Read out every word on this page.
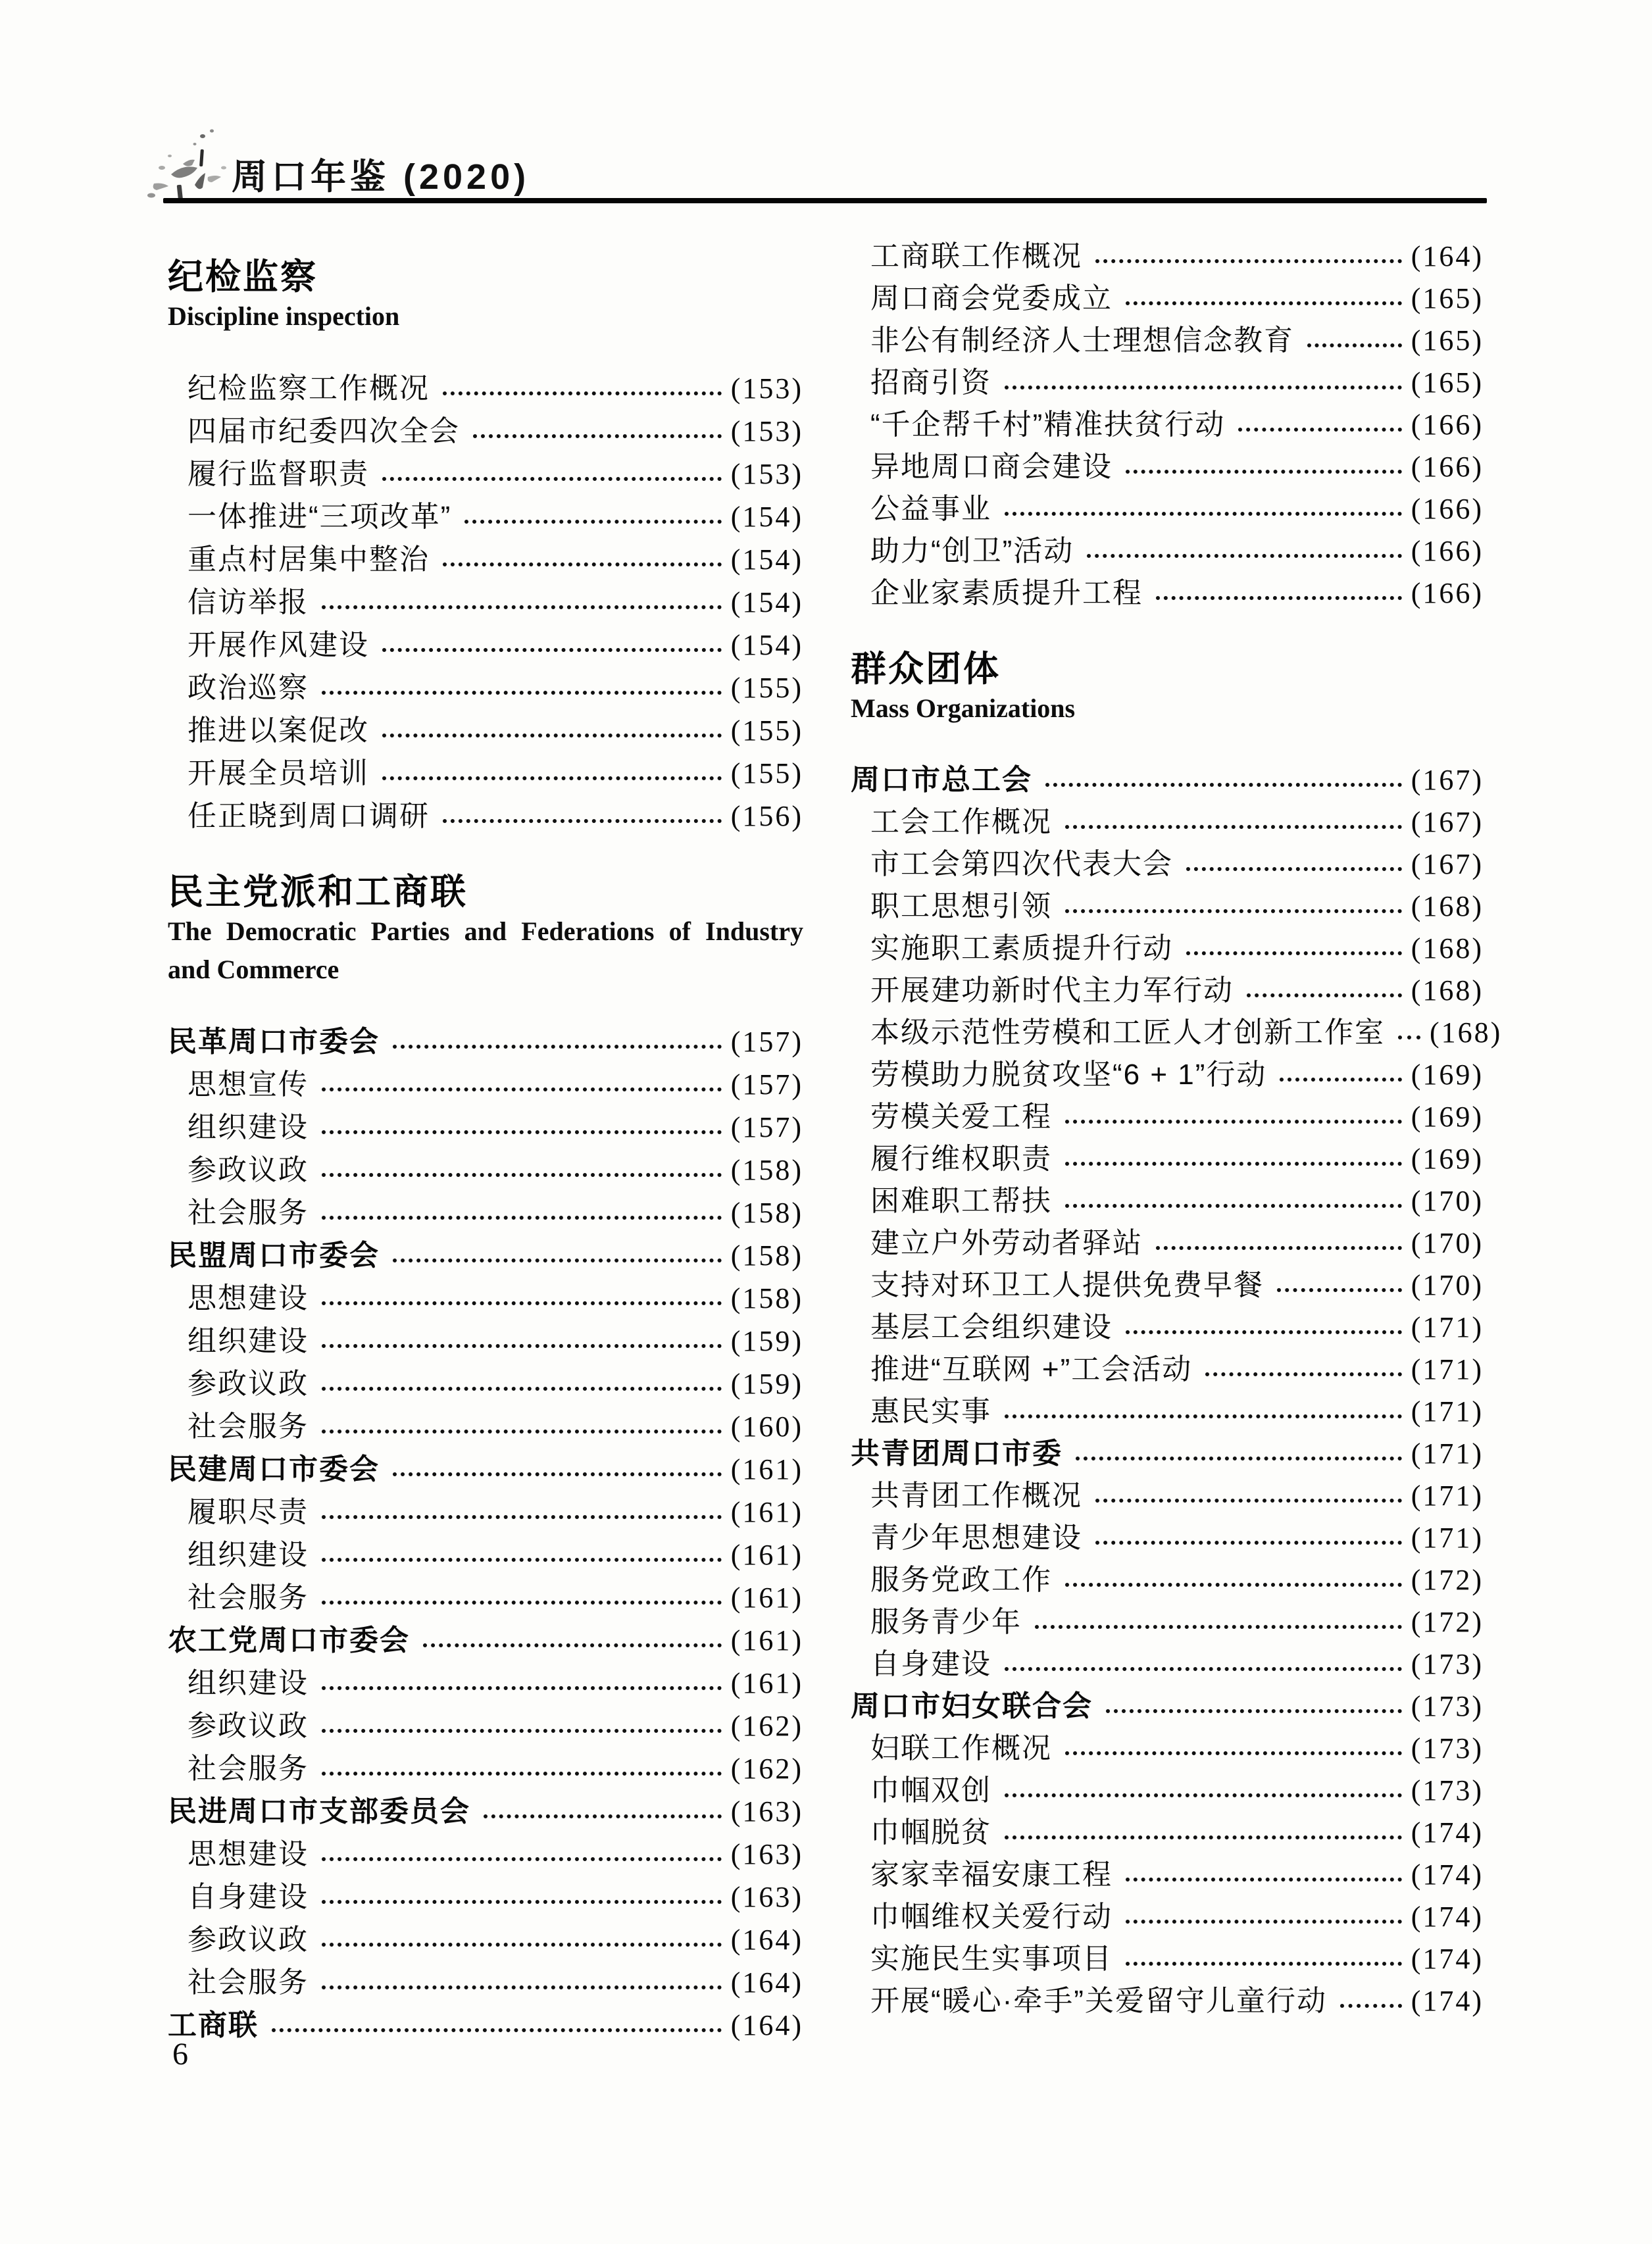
周口年鉴 (2020)
纪检监察
Discipline inspection
纪检监察工作概况	(153)
四届市纪委四次全会	(153)
履行监督职责	(153)
一体推进“三项改革”	(154)
重点村居集中整治	(154)
信访举报	(154)
开展作风建设	(154)
政治巡察	(155)
推进以案促改	(155)
开展全员培训	(155)
任正晓到周口调研	(156)
民主党派和工商联
The Democratic Parties and Federations of Industry
and Commerce
民革周口市委会	(157)
思想宣传	(157)
组织建设	(157)
参政议政	(158)
社会服务	(158)
民盟周口市委会	(158)
思想建设	(158)
组织建设	(159)
参政议政	(159)
社会服务	(160)
民建周口市委会	(161)
履职尽责	(161)
组织建设	(161)
社会服务	(161)
农工党周口市委会	(161)
组织建设	(161)
参政议政	(162)
社会服务	(162)
民进周口市支部委员会	(163)
思想建设	(163)
自身建设	(163)
参政议政	(164)
社会服务	(164)
工商联	(164)
工商联工作概况	(164)
周口商会党委成立	(165)
非公有制经济人士理想信念教育	(165)
招商引资	(165)
“千企帮千村”精准扶贫行动	(166)
异地周口商会建设	(166)
公益事业	(166)
助力“创卫”活动	(166)
企业家素质提升工程	(166)
群众团体
Mass Organizations
周口市总工会	(167)
工会工作概况	(167)
市工会第四次代表大会	(167)
职工思想引领	(168)
实施职工素质提升行动	(168)
开展建功新时代主力军行动	(168)
本级示范性劳模和工匠人才创新工作室 (168)
劳模助力脱贫攻坚“6 + 1”行动	(169)
劳模关爱工程	(169)
履行维权职责	(169)
困难职工帮扶	(170)
建立户外劳动者驿站	(170)
支持对环卫工人提供免费早餐	(170)
基层工会组织建设	(171)
推进“互联网 +”工会活动	(171)
惠民实事	(171)
共青团周口市委	(171)
共青团工作概况	(171)
青少年思想建设	(171)
服务党政工作	(172)
服务青少年	(172)
自身建设	(173)
周口市妇女联合会	(173)
妇联工作概况	(173)
巾帼双创	(173)
巾帼脱贫	(174)
家家幸福安康工程	(174)
巾帼维权关爱行动	(174)
实施民生实事项目	(174)
开展“暖心·牵手”关爱留守儿童行动	(174)
6
